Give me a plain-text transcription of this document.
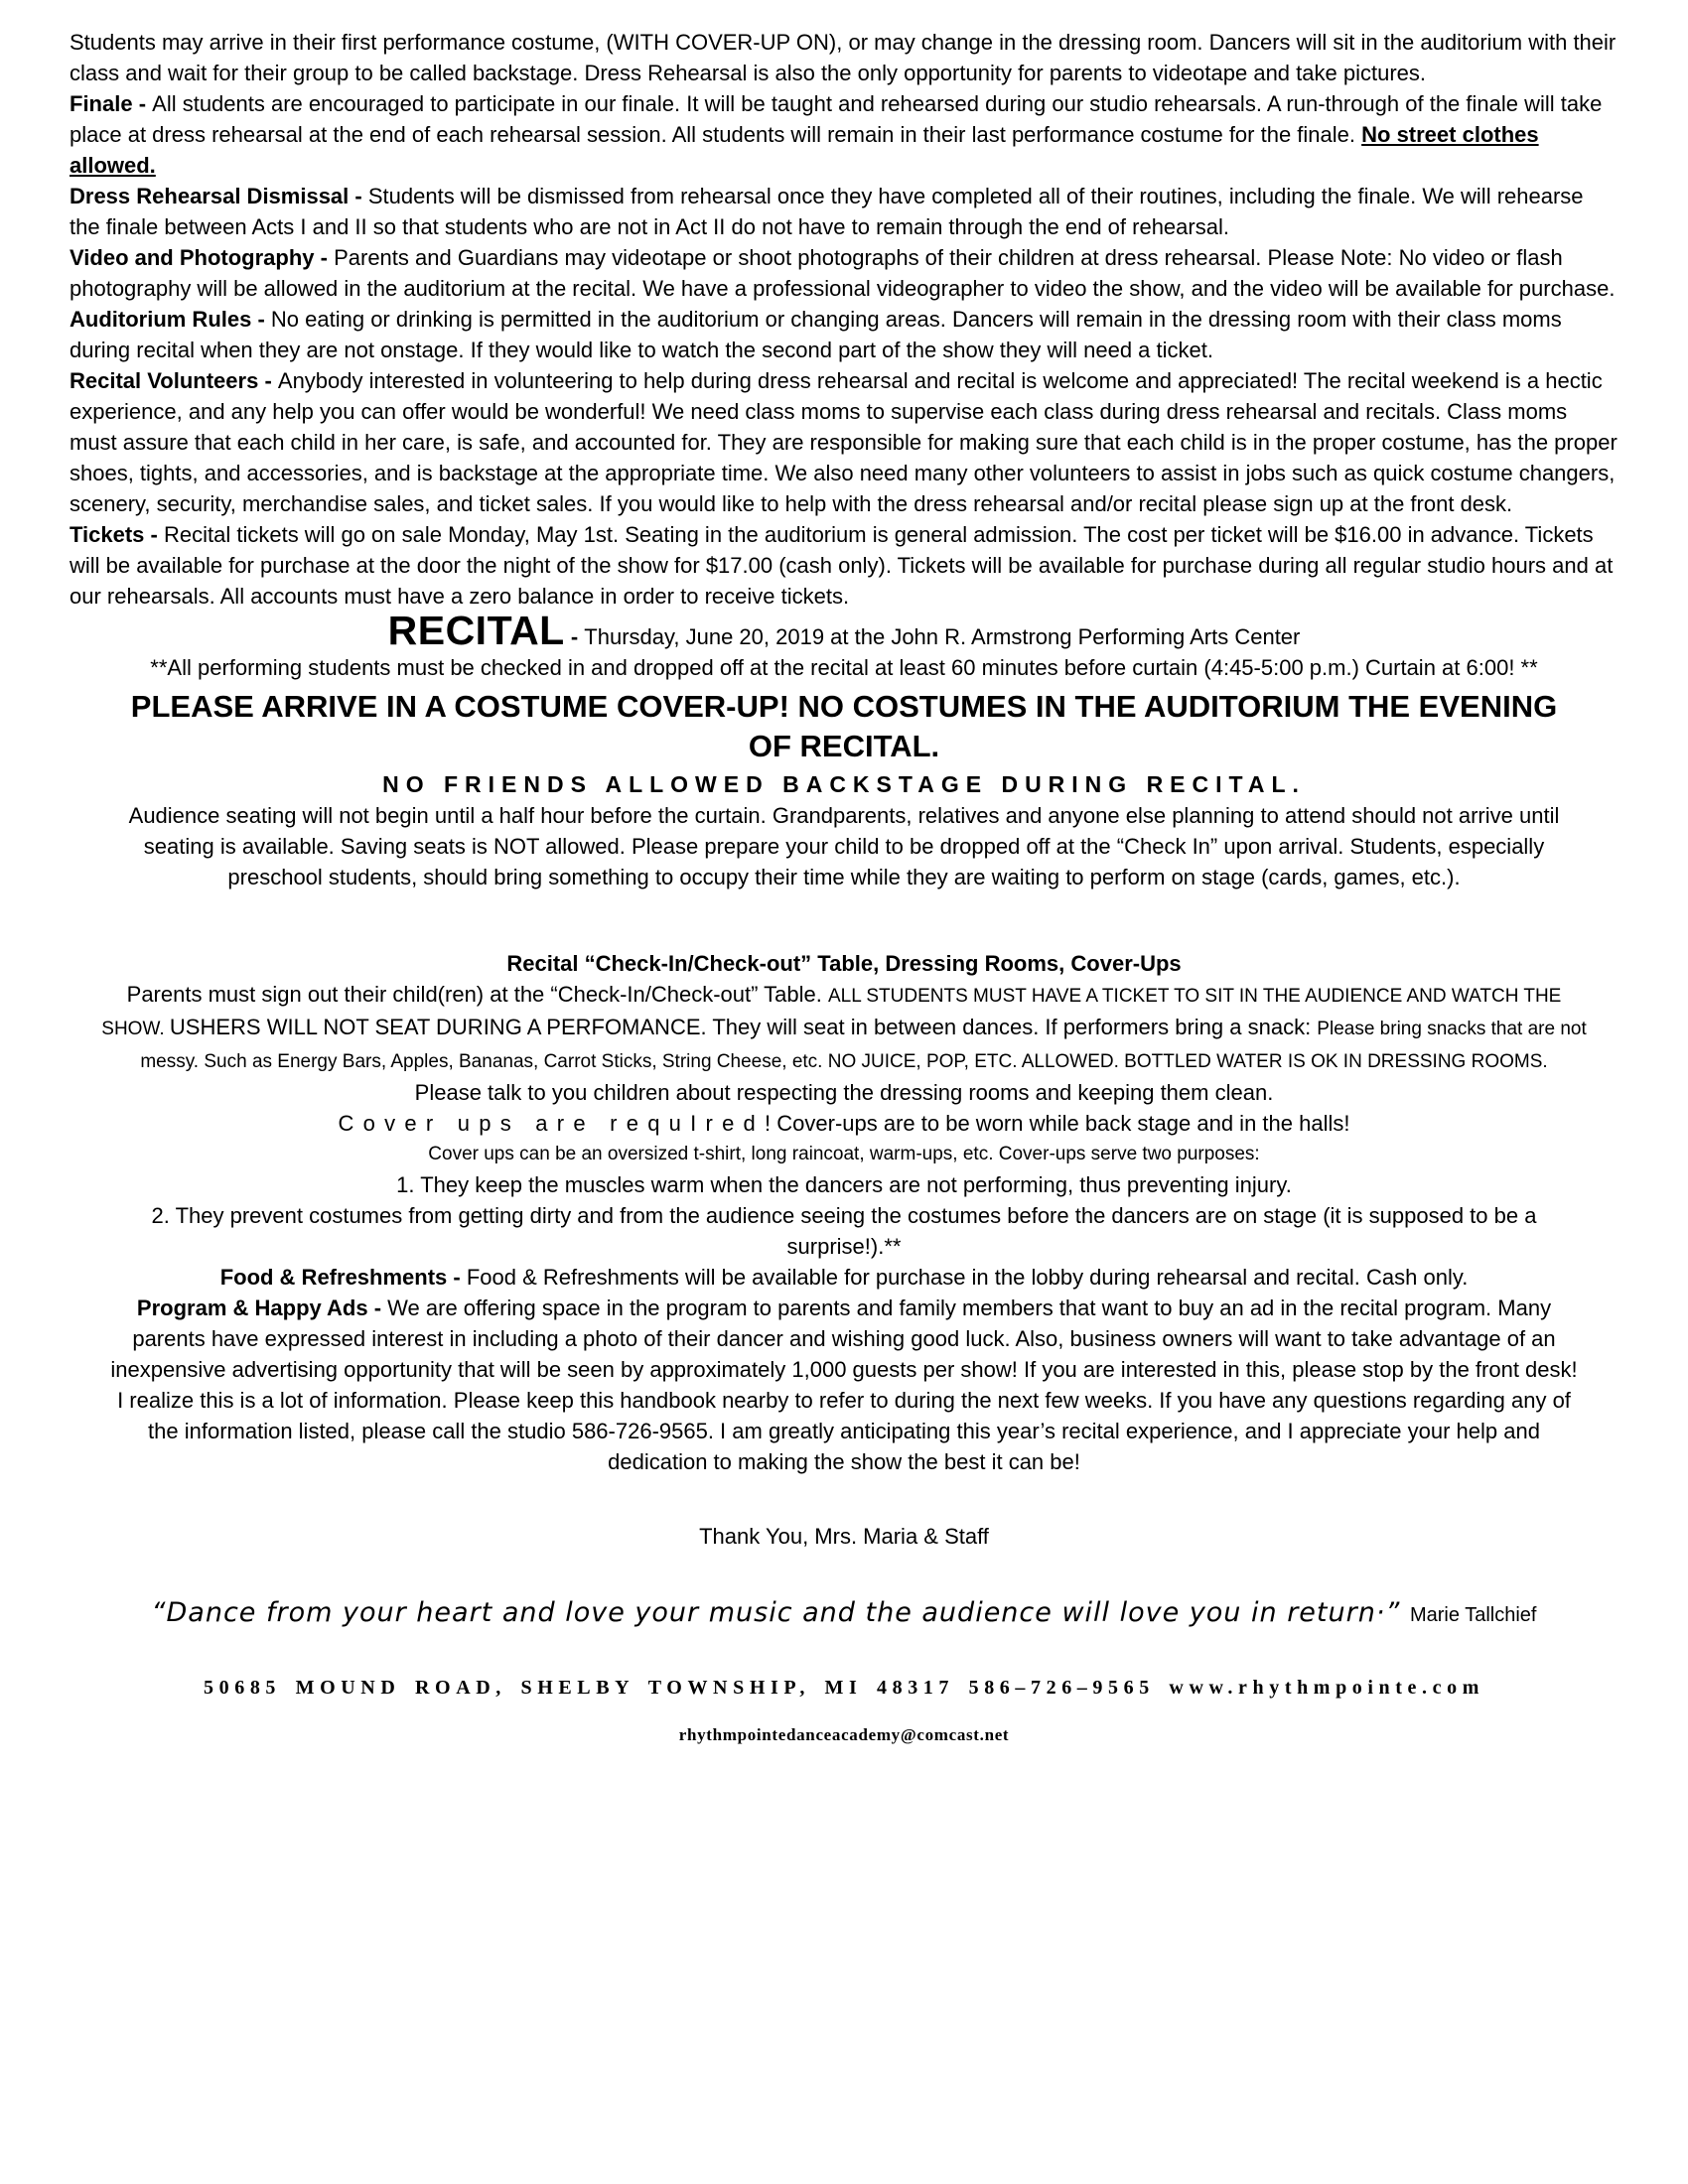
Students may arrive in their first performance costume, (WITH COVER-UP ON), or may change in the dressing room. Dancers will sit in the auditorium with their class and wait for their group to be called backstage. Dress Rehearsal is also the only opportunity for parents to videotape and take pictures.

Finale - All students are encouraged to participate in our finale. It will be taught and rehearsed during our studio rehearsals. A run-through of the finale will take place at dress rehearsal at the end of each rehearsal session. All students will remain in their last performance costume for the finale. No street clothes allowed.

Dress Rehearsal Dismissal - Students will be dismissed from rehearsal once they have completed all of their routines, including the finale. We will rehearse the finale between Acts I and II so that students who are not in Act II do not have to remain through the end of rehearsal.

Video and Photography - Parents and Guardians may videotape or shoot photographs of their children at dress rehearsal. Please Note: No video or flash photography will be allowed in the auditorium at the recital. We have a professional videographer to video the show, and the video will be available for purchase.

Auditorium Rules - No eating or drinking is permitted in the auditorium or changing areas. Dancers will remain in the dressing room with their class moms during recital when they are not onstage. If they would like to watch the second part of the show they will need a ticket.

Recital Volunteers - Anybody interested in volunteering to help during dress rehearsal and recital is welcome and appreciated! The recital weekend is a hectic experience, and any help you can offer would be wonderful! We need class moms to supervise each class during dress rehearsal and recitals. Class moms must assure that each child in her care, is safe, and accounted for. They are responsible for making sure that each child is in the proper costume, has the proper shoes, tights, and accessories, and is backstage at the appropriate time. We also need many other volunteers to assist in jobs such as quick costume changers, scenery, security, merchandise sales, and ticket sales. If you would like to help with the dress rehearsal and/or recital please sign up at the front desk.

Tickets - Recital tickets will go on sale Monday, May 1st. Seating in the auditorium is general admission. The cost per ticket will be $16.00 in advance. Tickets will be available for purchase at the door the night of the show for $17.00 (cash only). Tickets will be available for purchase during all regular studio hours and at our rehearsals. All accounts must have a zero balance in order to receive tickets.

RECITAL - Thursday, June 20, 2019 at the John R. Armstrong Performing Arts Center

**All performing students must be checked in and dropped off at the recital at least 60 minutes before curtain (4:45-5:00 p.m.) Curtain at 6:00! **

PLEASE ARRIVE IN A COSTUME COVER-UP! NO COSTUMES IN THE AUDITORIUM THE EVENING OF RECITAL.

NO FRIENDS ALLOWED BACKSTAGE DURING RECITAL.

Audience seating will not begin until a half hour before the curtain. Grandparents, relatives and anyone else planning to attend should not arrive until seating is available. Saving seats is NOT allowed. Please prepare your child to be dropped off at the “Check In” upon arrival. Students, especially preschool students, should bring something to occupy their time while they are waiting to perform on stage (cards, games, etc.).

Recital “Check-In/Check-out” Table, Dressing Rooms, Cover-Ups

Parents must sign out their child(ren) at the “Check-In/Check-out” Table. ALL STUDENTS MUST HAVE A TICKET TO SIT IN THE AUDIENCE AND WATCH THE SHOW. USHERS WILL NOT SEAT DURING A PERFOMANCE. They will seat in between dances. If performers bring a snack: Please bring snacks that are not messy. Such as Energy Bars, Apples, Bananas, Carrot Sticks, String Cheese, etc. NO JUICE, POP, ETC. ALLOWED. BOTTLED WATER IS OK IN DRESSING ROOMS.

Please talk to you children about respecting the dressing rooms and keeping them clean.

Cover ups are requIred! Cover-ups are to be worn while back stage and in the halls!

Cover ups can be an oversized t-shirt, long raincoat, warm-ups, etc. Cover-ups serve two purposes:

1. They keep the muscles warm when the dancers are not performing, thus preventing injury.

2. They prevent costumes from getting dirty and from the audience seeing the costumes before the dancers are on stage (it is supposed to be a surprise!).**

Food & Refreshments - Food & Refreshments will be available for purchase in the lobby during rehearsal and recital. Cash only.

Program & Happy Ads - We are offering space in the program to parents and family members that want to buy an ad in the recital program. Many parents have expressed interest in including a photo of their dancer and wishing good luck. Also, business owners will want to take advantage of an inexpensive advertising opportunity that will be seen by approximately 1,000 guests per show! If you are interested in this, please stop by the front desk! I realize this is a lot of information. Please keep this handbook nearby to refer to during the next few weeks. If you have any questions regarding any of the information listed, please call the studio 586-726-9565. I am greatly anticipating this year’s recital experience, and I appreciate your help and dedication to making the show the best it can be!

Thank You, Mrs. Maria & Staff

“Dance from your heart and love your music and the audience will love you in return·” Marie Tallchief

50685 MOUND ROAD, SHELBY TOWNSHIP, MI 48317 586–726–9565 www.rhythmpointe.com

rhythmpointedanceacademy@comcast.net
